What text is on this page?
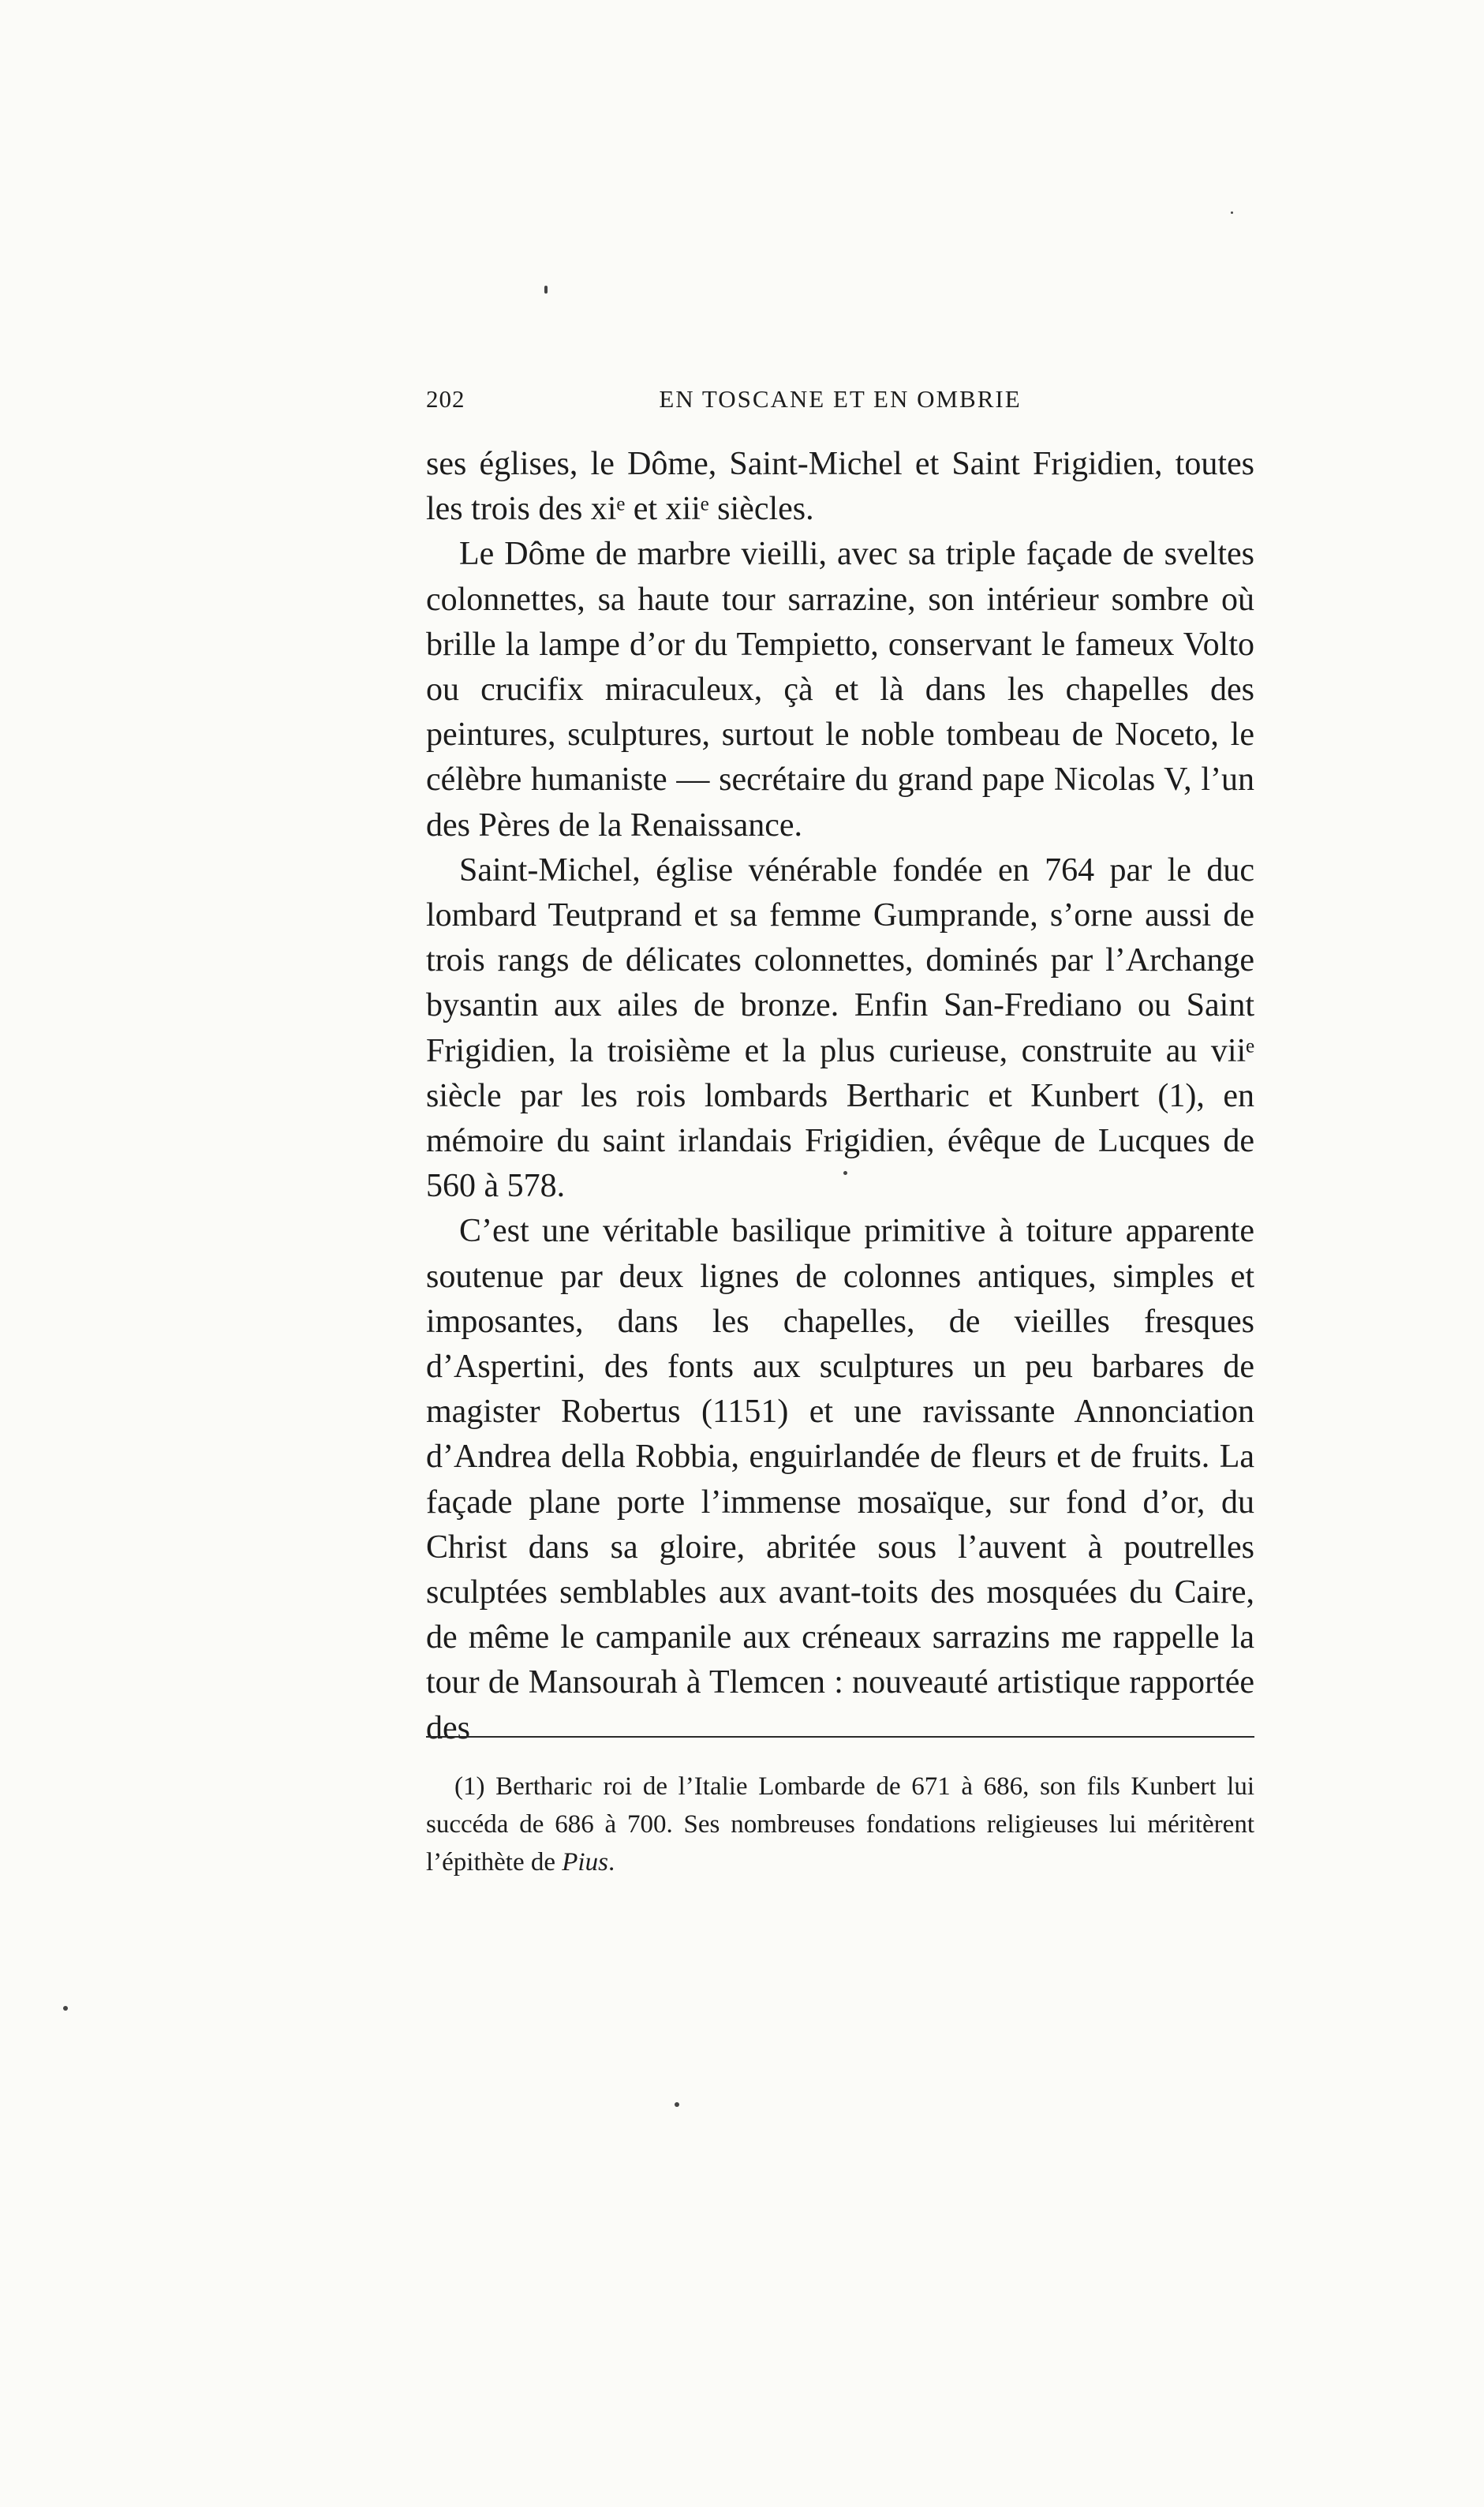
202	EN TOSCANE ET EN OMBRIE

ses églises, le Dôme, Saint-Michel et Saint Frigidien, toutes les trois des xiᵉ et xiiᵉ siècles.

Le Dôme de marbre vieilli, avec sa triple façade de sveltes colonnettes, sa haute tour sarrazine, son intérieur sombre où brille la lampe d’or du Tempietto, conservant le fameux Volto ou crucifix miraculeux, çà et là dans les chapelles des peintures, sculptures, surtout le noble tombeau de Noceto, le célèbre humaniste — secrétaire du grand pape Nicolas V, l’un des Pères de la Renaissance.

Saint-Michel, église vénérable fondée en 764 par le duc lombard Teutprand et sa femme Gumprande, s’orne aussi de trois rangs de délicates colonnettes, dominés par l’Archange bysantin aux ailes de bronze. Enfin San-Frediano ou Saint Frigidien, la troisième et la plus curieuse, construite au viiᵉ siècle par les rois lombards Bertharic et Kunbert (1), en mémoire du saint irlandais Frigidien, évêque de Lucques de 560 à 578.

C’est une véritable basilique primitive à toiture apparente soutenue par deux lignes de colonnes antiques, simples et imposantes, dans les chapelles, de vieilles fresques d’Aspertini, des fonts aux sculptures un peu barbares de magister Robertus (1151) et une ravissante Annonciation d’Andrea della Robbia, enguirlandée de fleurs et de fruits. La façade plane porte l’immense mosaïque, sur fond d’or, du Christ dans sa gloire, abritée sous l’auvent à poutrelles sculptées semblables aux avant-toits des mosquées du Caire, de même le campanile aux créneaux sarrazins me rappelle la tour de Mansourah à Tlemcen : nouveauté artistique rapportée des

(1) Bertharic roi de l’Italie Lombarde de 671 à 686, son fils Kunbert lui succéda de 686 à 700. Ses nombreuses fondations religieuses lui méritèrent l’épithète de Pius.
